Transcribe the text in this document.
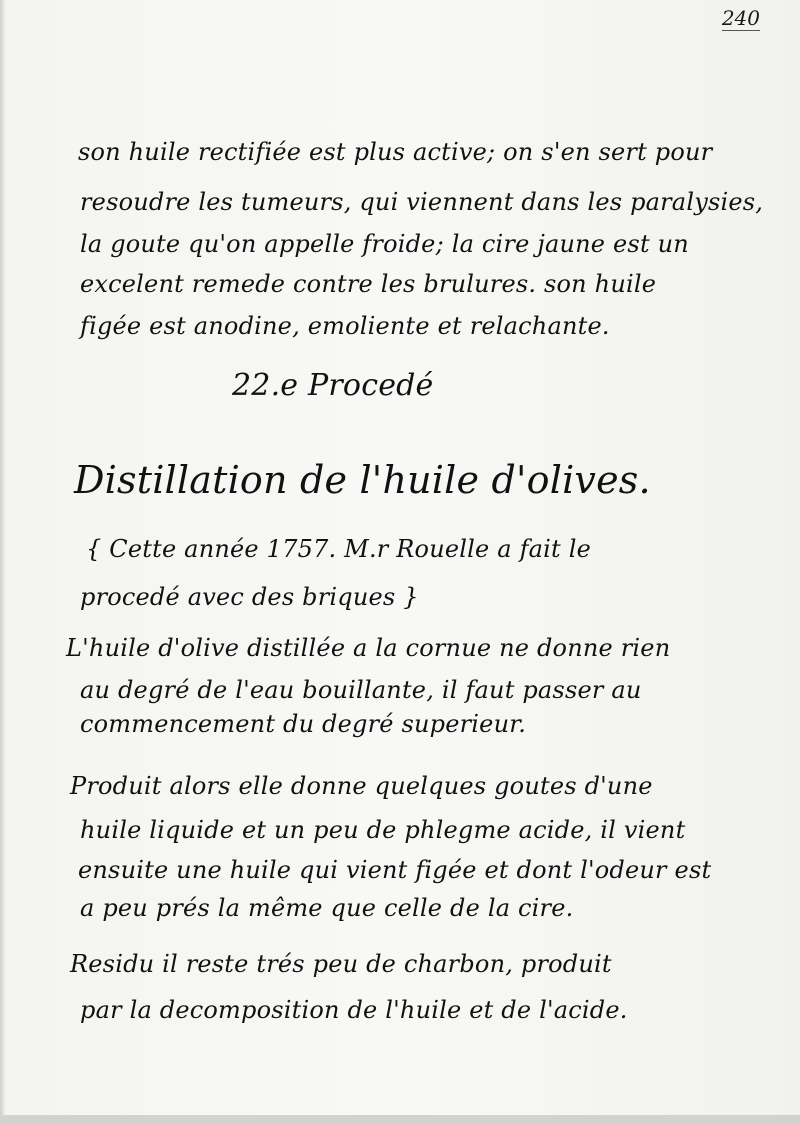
240
son huile rectifiée est plus active; on s'en sert pour
resoudre les tumeurs, qui viennent dans les paralysies,
la goute qu'on appelle froide; la cire jaune est un
excelent remede contre les brulures. son huile
figée est anodine, emoliente et relachante.
22.e Procedé
Distillation de l'huile d'olives.
{ Cette année 1757. M.r Rouelle a fait le
procedé avec des briques }
L'huile d'olive distillée a la cornue ne donne rien
au degré de l'eau bouillante, il faut passer au
commencement du degré superieur.
Produit alors elle donne quelques goutes d'une
huile liquide et un peu de phlegme acide, il vient
ensuite une huile qui vient figée et dont l'odeur est
a peu prés la même que celle de la cire.
Residu il reste trés peu de charbon, produit
par la decomposition de l'huile et de l'acide.
